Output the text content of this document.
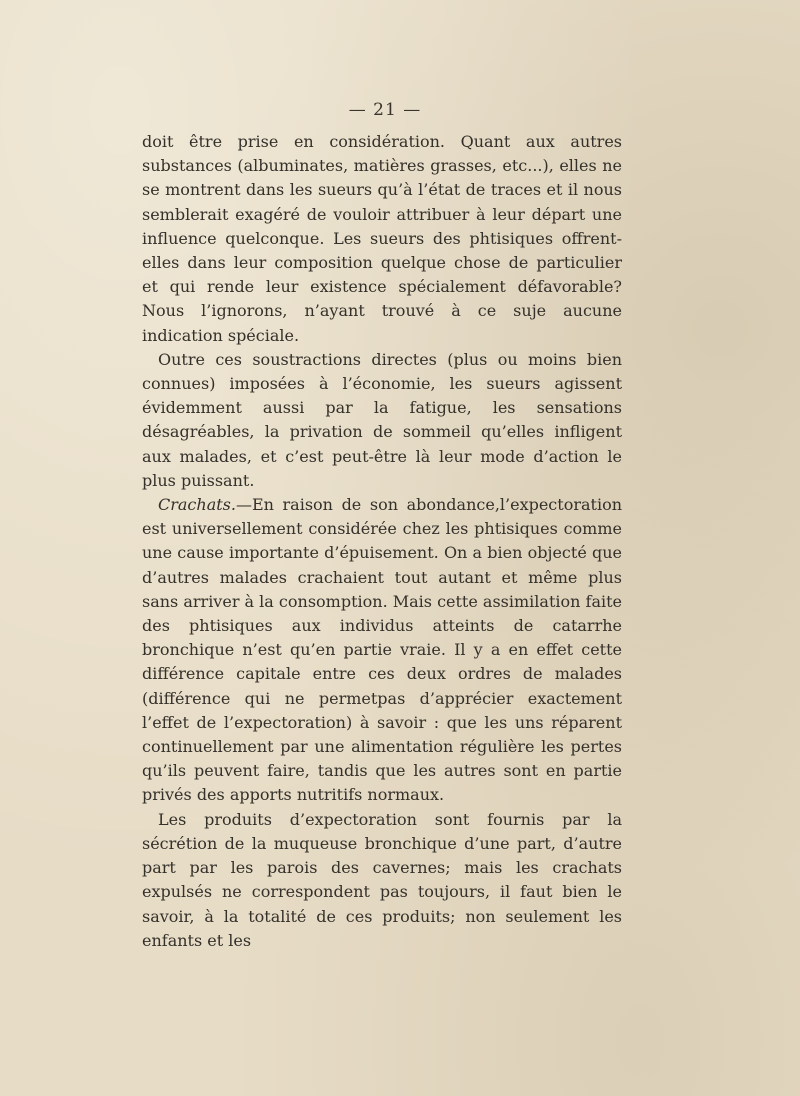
— 21 —

doit être prise en considération. Quant aux autres substances (albuminates, matières grasses, etc...), elles ne se montrent dans les sueurs qu’à l’état de traces et il nous semblerait exagéré de vouloir attribuer à leur départ une influence quelconque. Les sueurs des phtisiques offrent-elles dans leur composition quelque chose de particulier et qui rende leur existence spécialement défavorable? Nous l’ignorons, n’ayant trouvé à ce suje aucune indication spéciale.

Outre ces soustractions directes (plus ou moins bien connues) imposées à l’économie, les sueurs agissent évidemment aussi par la fatigue, les sensations désagréables, la privation de sommeil qu’elles infligent aux malades, et c’est peut-être là leur mode d’action le plus puissant.

Crachats.—En raison de son abondance,l’expectoration est universellement considérée chez les phtisiques comme une cause importante d’épuisement. On a bien objecté que d’autres malades crachaient tout autant et même plus sans arriver à la consomption. Mais cette assimilation faite des phtisiques aux individus atteints de catarrhe bronchique n’est qu’en partie vraie. Il y a en effet cette différence capitale entre ces deux ordres de malades (différence qui ne permetpas d’apprécier exactement l’effet de l’expectoration) à savoir : que les uns réparent continuellement par une alimentation régulière les pertes qu’ils peuvent faire, tandis que les autres sont en partie privés des apports nutritifs normaux.

Les produits d’expectoration sont fournis par la sécrétion de la muqueuse bronchique d’une part, d’autre part par les parois des cavernes; mais les crachats expulsés ne correspondent pas toujours, il faut bien le savoir, à la totalité de ces produits; non seulement les enfants et les
